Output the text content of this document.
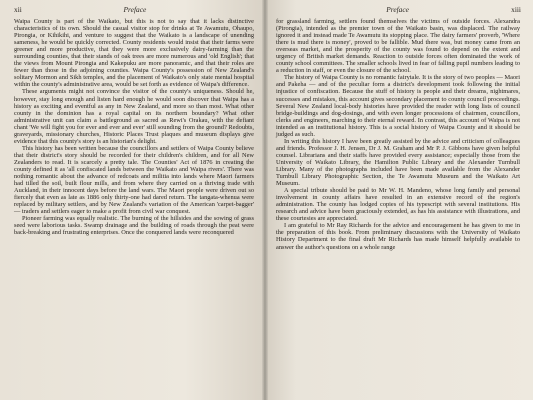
xii	Preface

Waipa County is part of the Waikato, but this is not to say that it lacks distinctive characteristics of its own. Should the casual visitor stop for drinks at Te Awamutu, Ohaupo, Pirongia, or Kihikihi, and venture to suggest that the Waikato is a landscape of unending sameness, he would be quickly corrected. County residents would insist that their farms were greener and more productive, that they were more exclusively dairy-farming than the surrounding counties, that their stands of oak trees are more numerous and 'old English'; that the views from Mount Pirongia and Kakepuku are more panoramic, and that their roles are fewer than those in the adjoining counties. Waipa County's possession of New Zealand's solitary Mormon and Sikh temples, and the placement of Waikato's only state mental hospital within the county's administrative area, would be set forth as evidence of Waipa's difference.

These arguments might not convince the visitor of the county's uniqueness. Should he, however, stay long enough and listen hard enough he would soon discover that Waipa has a history as exciting and eventful as any in New Zealand, and more so than most. What other county in the dominion has a royal capital on its northern boundary? What other administrative unit can claim a battleground as sacred as Rewi's Orakau, with the defiant chant 'We will fight you for ever and ever and ever' still sounding from the ground? Redoubts, graveyards, missionary churches, Historic Places Trust plaques and museum displays give evidence that this county's story is an historian's delight.

This history has been written because the councillors and settlers of Waipa County believe that their district's story should be recorded for their children's children, and for all New Zealanders to read. It is scarcely a pretty tale. The Counties' Act of 1876 in creating the county defined it as 'all confiscated lands between the Waikato and Waipa rivers'. There was nothing romantic about the advance of redcoats and militia into lands where Maori farmers had tilled the soil, built flour mills, and from where they carried on a thriving trade with Auckland, in their innocent days before the land wars. The Maori people were driven out so fiercely that even as late as 1886 only thirty-one had dared return. The tangata-whenua were replaced by military settlers, and by New Zealand's variation of the American 'carpet-bagger' — traders and settlers eager to make a profit from civil war conquest.

Pioneer farming was equally realistic. The burning of the hillsides and the sowing of grass seed were laborious tasks. Swamp drainage and the building of roads through the peat were back-breaking and frustrating enterprises. Once the conquered lands were reconquered

Preface	xiii

for grassland farming, settlers found themselves the victims of outside forces. Alexandra (Pirongia), intended as the premier town of the Waikato basin, was displaced. The railway ignored it and instead made Te Awamutu its stopping place. The dairy farmers' proverb, 'Where there is mud there is money', proved to be fallible. Mud there was, but money came from an overseas market, and the prosperity of the county was found to depend on the extent and urgency of British market demands. Reaction to outside forces often dominated the work of county school committees. The smaller schools lived in fear of falling pupil numbers leading to a reduction in staff, or even the closure of the school.

The history of Waipa County is no romantic fairytale. It is the story of two peoples — Maori and Pakeha — and of the peculiar form a district's development took following the initial injustice of confiscation. Because the stuff of history is people and their dreams, nightmares, successes and mistakes, this account gives secondary placement to county council proceedings. Several New Zealand local-body histories have provided the reader with long lists of council bridge-buildings and dog-dosings, and with even longer processions of chairmen, councillors, clerks and engineers, marching to their eternal reward. In contrast, this account of Waipa is not intended as an institutional history. This is a social history of Waipa County and it should be judged as such.

In writing this history I have been greatly assisted by the advice and criticism of colleagues and friends. Professor J. H. Jensen, Dr J. M. Graham and Mr P. J. Gibbons have given helpful counsel. Librarians and their staffs have provided every assistance; especially those from the University of Waikato Library, the Hamilton Public Library and the Alexander Turnbull Library. Many of the photographs included have been made available from the Alexander Turnbull Library Photographic Section, the Te Awamutu Museum and the Waikato Art Museum.

A special tribute should be paid to Mr W. H. Mandeno, whose long family and personal involvement in county affairs have resulted in an extensive record of the region's administration. The county has lodged copies of his typescript with several institutions. His research and advice have been graciously extended, as has his assistance with illustrations, and these courtesies are appreciated.

I am grateful to Mr Ray Richards for the advice and encouragement he has given to me in the preparation of this book. From preliminary discussions with the University of Waikato History Department to the final draft Mr Richards has made himself helpfully available to answer the author's questions on a whole range
